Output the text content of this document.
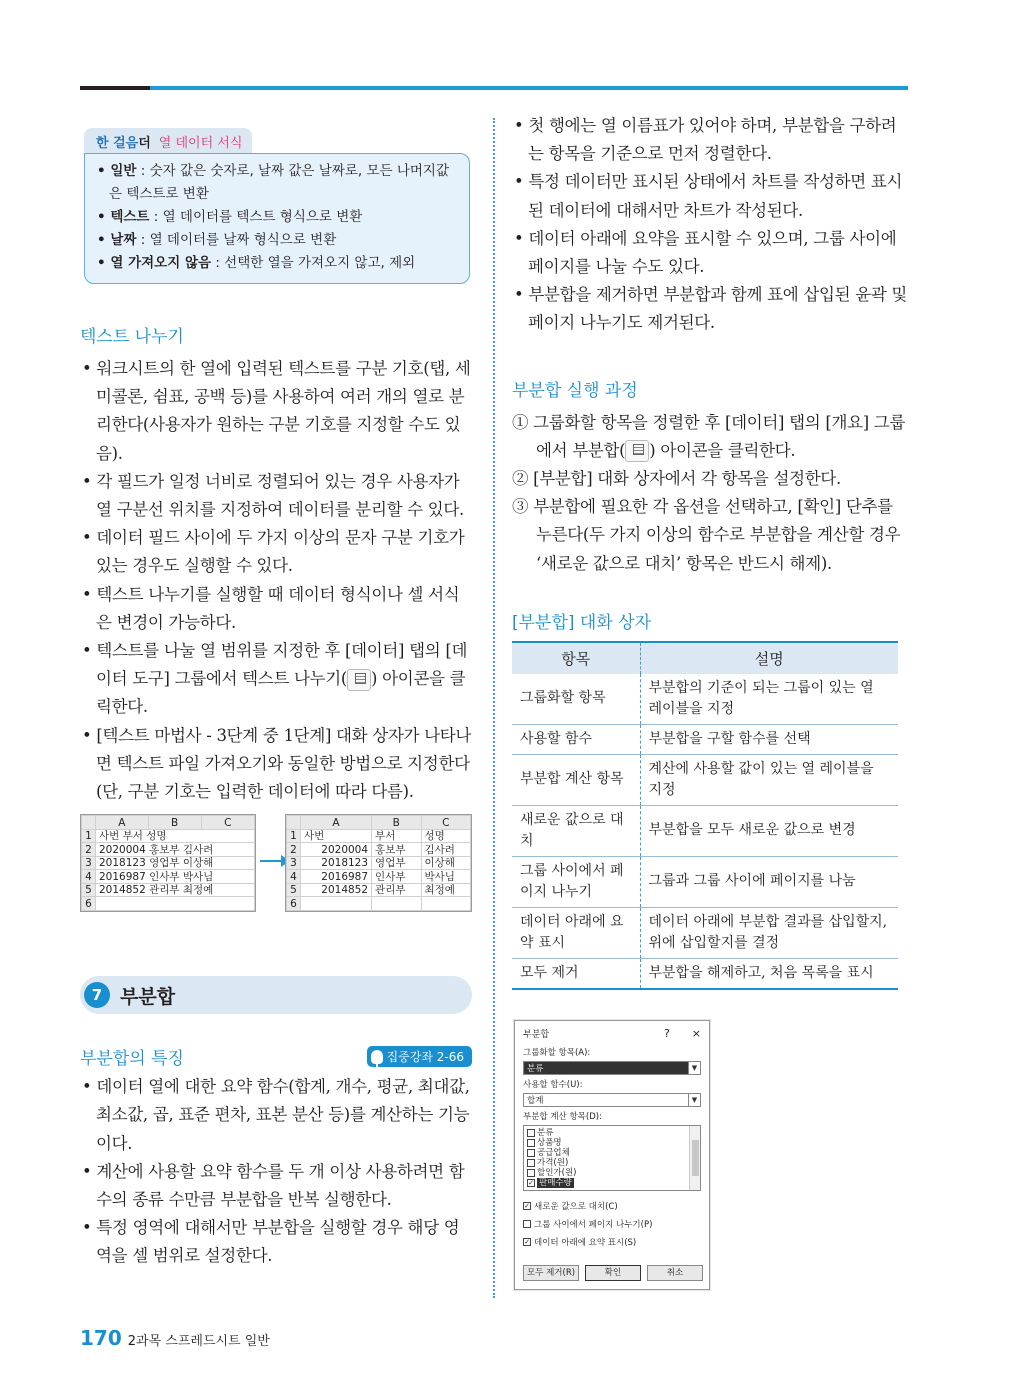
한 걸음더 열 데이터 서식
• 일반 : 숫자 값은 숫자로, 날짜 값은 날짜로, 모든 나머지값은 텍스트로 변환
• 텍스트 : 열 데이터를 텍스트 형식으로 변환
• 날짜 : 열 데이터를 날짜 형식으로 변환
• 열 가져오지 않음 : 선택한 열을 가져오지 않고, 제외
텍스트 나누기
• 워크시트의 한 열에 입력된 텍스트를 구분 기호(탭, 세미콜론, 쉼표, 공백 등)를 사용하여 여러 개의 열로 분리한다(사용자가 원하는 구분 기호를 지정할 수도 있음).
• 각 필드가 일정 너비로 정렬되어 있는 경우 사용자가 열 구분선 위치를 지정하여 데이터를 분리할 수 있다.
• 데이터 필드 사이에 두 가지 이상의 문자 구분 기호가 있는 경우도 실행할 수 있다.
• 텍스트 나누기를 실행할 때 데이터 형식이나 셀 서식은 변경이 가능하다.
• 텍스트를 나눌 열 범위를 지정한 후 [데이터] 탭의 [데이터 도구] 그룹에서 텍스트 나누기( ) 아이콘을 클릭한다.
• [텍스트 마법사 - 3단계 중 1단계] 대화 상자가 나타나면 텍스트 파일 가져오기와 동일한 방법으로 지정한다(단, 구분 기호는 입력한 데이터에 따라 다름).
	A	B	C
1	사번 부서 성명		
2	2020004 홍보부 김사려		
3	2018123 영업부 이상해		
4	2016987 인사부 박사님		
5	2014852 관리부 최정예		
6			
	A	B	C
1	사번	부서	성명
2	2020004	홍보부	김사려
3	2018123	영업부	이상해
4	2016987	인사부	박사님
5	2014852	관리부	최정예
6			
7 부분합
부분합의 특징	집중강좌 2-66
• 데이터 열에 대한 요약 함수(합계, 개수, 평균, 최대값, 최소값, 곱, 표준 편차, 표본 분산 등)를 계산하는 기능이다.
• 계산에 사용할 요약 함수를 두 개 이상 사용하려면 함수의 종류 수만큼 부분합을 반복 실행한다.
• 특정 영역에 대해서만 부분합을 실행할 경우 해당 영역을 셀 범위로 설정한다.
• 첫 행에는 열 이름표가 있어야 하며, 부분합을 구하려는 항목을 기준으로 먼저 정렬한다.
• 특정 데이터만 표시된 상태에서 차트를 작성하면 표시된 데이터에 대해서만 차트가 작성된다.
• 데이터 아래에 요약을 표시할 수 있으며, 그룹 사이에 페이지를 나눌 수도 있다.
• 부분합을 제거하면 부분합과 함께 표에 삽입된 윤곽 및 페이지 나누기도 제거된다.
부분합 실행 과정
① 그룹화할 항목을 정렬한 후 [데이터] 탭의 [개요] 그룹에서 부분합( ) 아이콘을 클릭한다.
② [부분합] 대화 상자에서 각 항목을 설정한다.
③ 부분합에 필요한 각 옵션을 선택하고, [확인] 단추를 누른다(두 가지 이상의 함수로 부분합을 계산할 경우 ‘새로운 값으로 대치’ 항목은 반드시 해제).
[부분합] 대화 상자
항목	설명
그룹화할 항목	부분합의 기준이 되는 그룹이 있는 열 레이블을 지정
사용할 함수	부분합을 구할 함수를 선택
부분합 계산 항목	계산에 사용할 값이 있는 열 레이블을 지정
새로운 값으로 대치	부분합을 모두 새로운 값으로 변경
그룹 사이에서 페이지 나누기	그룹과 그룹 사이에 페이지를 나눔
데이터 아래에 요약 표시	데이터 아래에 부분합 결과를 삽입할지, 위에 삽입할지를 결정
모두 제거	부분합을 해제하고, 처음 목록을 표시
부분합	? ×
그룹화할 항목(A):
분류	▼
사용할 함수(U):
합계	▼
부분합 계산 항목(D):
분류
상품명
공급업체
가격(원)
할인가(원)
✓ 판매수량
✓ 새로운 값으로 대치(C)
그룹 사이에서 페이지 나누기(P)
✓ 데이터 아래에 요약 표시(S)
모두 제거(R)	확인	취소
170 2과목 스프레드시트 일반
